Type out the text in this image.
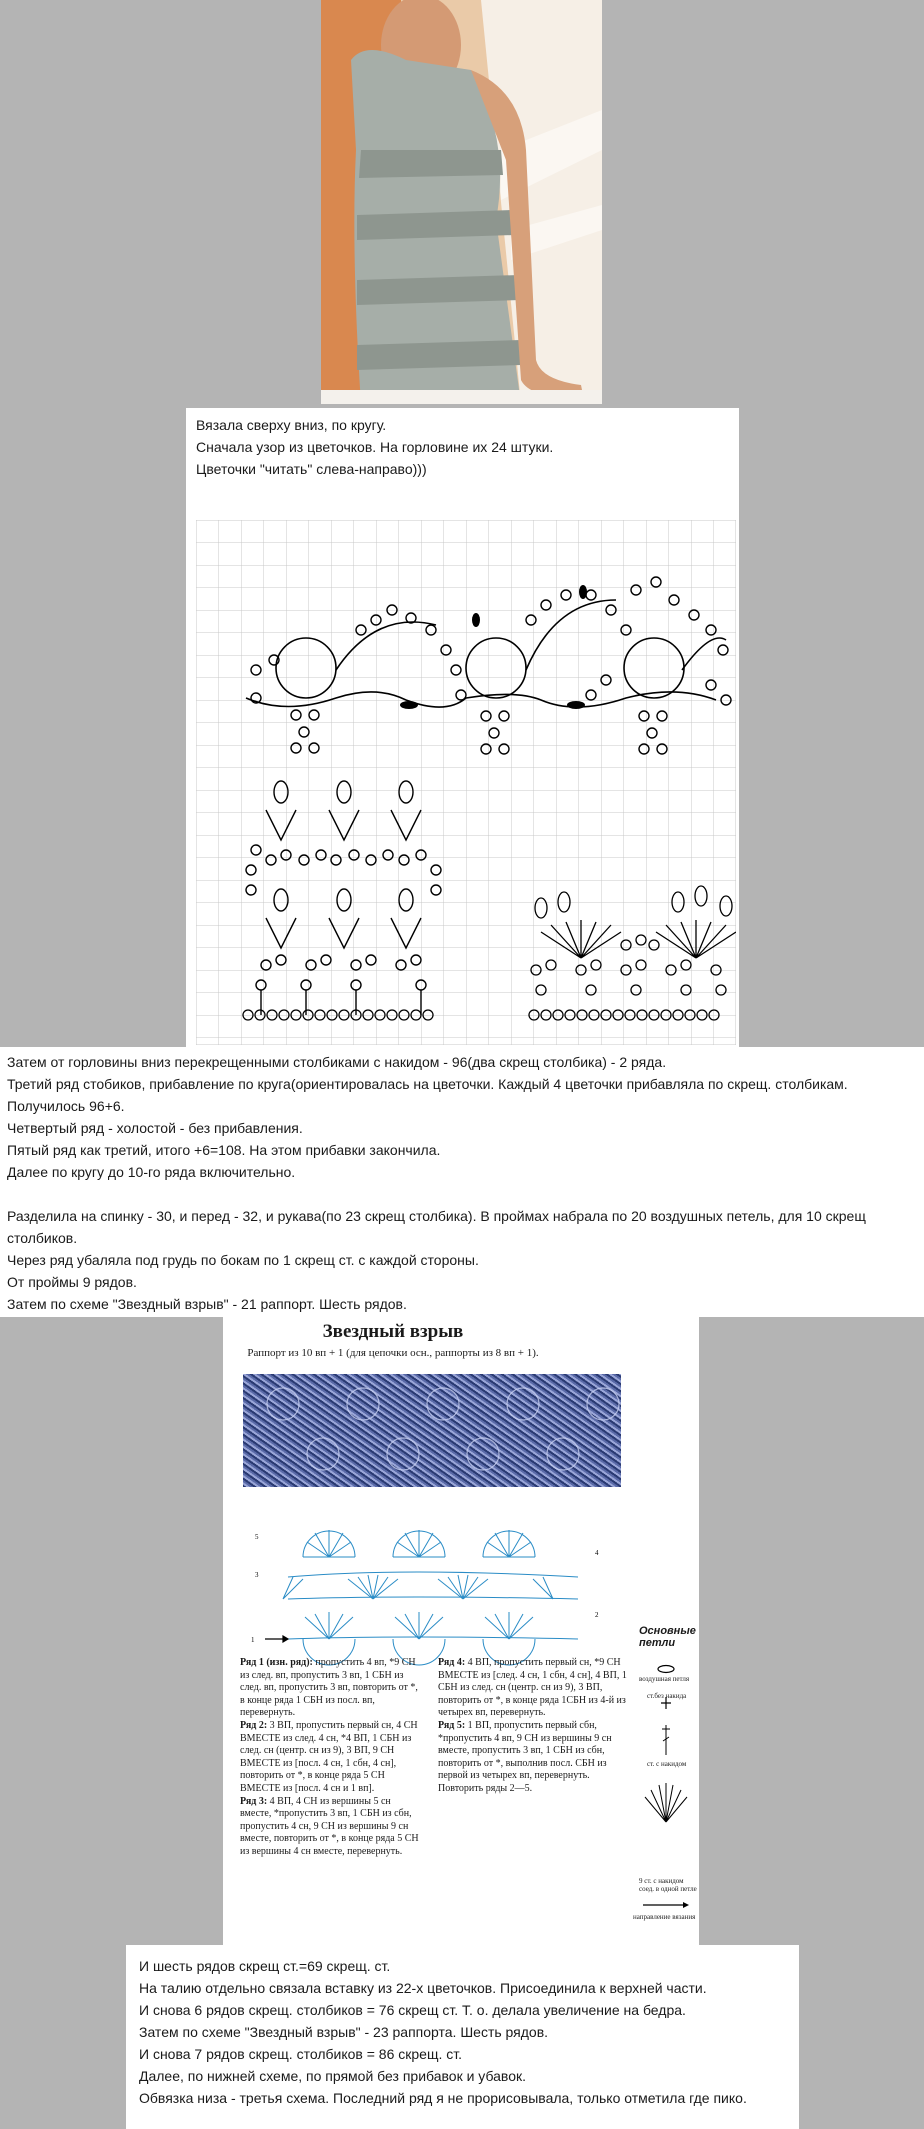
Вязала сверху вниз, по кругу.

Сначала узор из цветочков. На горловине их 24 штуки.

Цветочки "читать" слева-направо)))

Затем от горловины вниз перекрещенными столбиками с накидом - 96(два скрещ столбика) - 2 ряда.

Третий ряд стобиков, прибавление по круга(ориентировалась на цветочки. Каждый 4 цветочки прибавляла по скрещ. столбикам.

Получилось 96+6.

Четвертый ряд - холостой - без прибавления.

Пятый ряд как третий, итого +6=108. На этом прибавки закончила.

Далее по кругу до 10-го ряда включительно.

Разделила на спинку - 30, и перед - 32, и рукава(по 23 скрещ столбика). В проймах набрала по 20 воздушных петель, для 10 скрещ

столбиков.

Через ряд убаляла под грудь по бокам по 1 скрещ ст. с каждой стороны.

От проймы 9 рядов.

Затем по схеме "Звездный взрыв" - 21 раппорт. Шесть рядов.

Звездный взрыв
Раппорт из 10 вп + 1 (для цепочки осн., раппорты из 8 вп + 1).
5
4
3
2
1

Ряд 1 (изн. ряд): пропустить 4 вп, *9 СН из след. вп, пропустить 3 вп, 1 СБН из след. вп, пропустить 3 вп, повторить от *, в конце ряда 1 СБН из посл. вп, перевернуть.

Ряд 2: 3 ВП, пропустить первый сн, 4 СН ВМЕСТЕ из след. 4 сн, *4 ВП, 1 СБН из след. сн (центр. сн из 9), 3 ВП, 9 СН ВМЕСТЕ из [посл. 4 сн, 1 сбн, 4 сн], повторить от *, в конце ряда 5 СН ВМЕСТЕ из [посл. 4 сн и 1 вп].

Ряд 3: 4 ВП, 4 СН из вершины 5 сн вместе, *пропустить 3 вп, 1 СБН из сбн, пропустить 4 сн, 9 СН из вершины 9 сн вместе, повторить от *, в конце ряда 5 СН из вершины 4 сн вместе, перевернуть.

Ряд 4: 4 ВП, пропустить первый сн, *9 СН ВМЕСТЕ из [след. 4 сн, 1 сбн, 4 сн], 4 ВП, 1 СБН из след. сн (центр. сн из 9), 3 ВП, повторить от *, в конце ряда 1СБН из 4-й из четырех вп, перевернуть.

Ряд 5: 1 ВП, пропустить первый сбн, *пропустить 4 вп, 9 СН из вершины 9 сн вместе, пропустить 3 вп, 1 СБН из сбн, повторить от *, выполнив посл. СБН из первой из четырех вп, перевернуть.

Повторить ряды 2—5.

Основные петли
воздушная петля
ст.без накида
ст. с накидом
9 ст. с накидом соед. в одной петле
направление вязания

И шесть рядов скрещ ст.=69 скрещ. ст.

На талию отдельно связала вставку из 22-х цветочков. Присоединила к верхней части.

И снова 6 рядов скрещ. столбиков = 76 скрещ ст. Т. о. делала увеличение на бедра.

Затем по схеме "Звездный взрыв" - 23 раппорта. Шесть рядов.

И снова 7 рядов скрещ. столбиков = 86 скрещ. ст.

Далее, по нижней схеме, по прямой без прибавок и убавок.

Обвязка низа - третья схема. Последний ряд я не прорисовывала, только отметила где пико.
